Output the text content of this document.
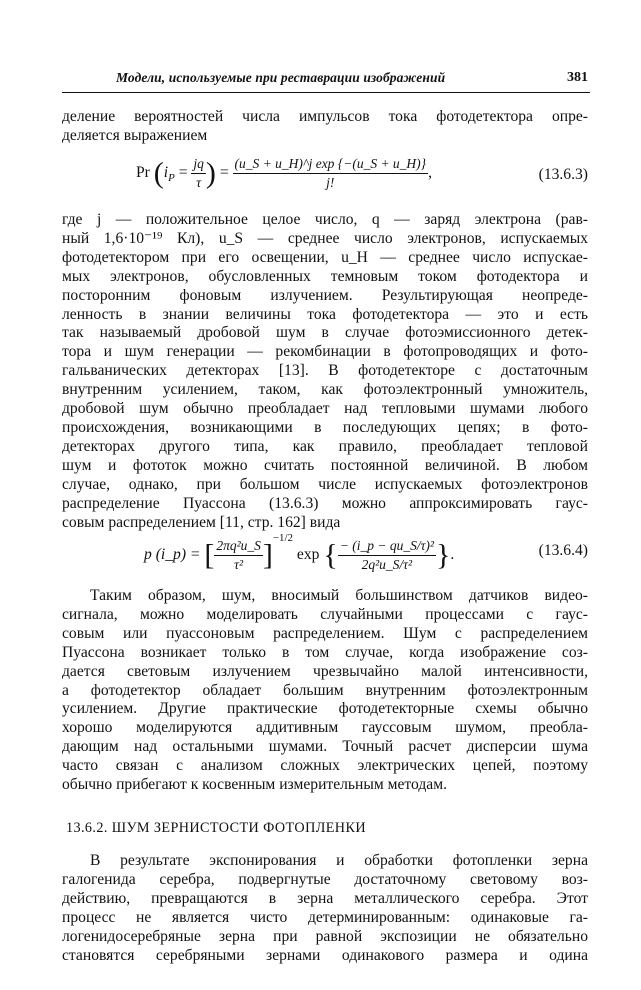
Модели, используемые при реставрации изображений	381

деление вероятностей числа импульсов тока фотодетектора опре-

деляется выражением

Pr ($i_P = \frac{jq}{\tau}$ ) = $\frac{\text{(u\_S + u\_H)\textasciicircum{}j exp \{−(u\_S + u\_H)\}}}{j!}$ ,	(13.6.3)

где j — положительное целое число, q — заряд электрона (рав-

ный 1,6·10⁻¹⁹ Кл), u_S — среднее число электронов, испускаемых

фотодетектором при его освещении, u_H — среднее число испускае-

мых электронов, обусловленных темновым током фотодектора и

посторонним фоновым излучением. Результирующая неопреде-

ленность в знании величины тока фотодетектора — это и есть

так называемый дробовой шум в случае фотоэмиссионного детек-

тора и шум генерации — рекомбинации в фотопроводящих и фото-

гальванических детекторах [13]. В фотодетекторе с достаточным

внутренним усилением, таком, как фотоэлектронный умножитель,

дробовой шум обычно преобладает над тепловыми шумами любого

происхождения, возникающими в последующих цепях; в фото-

детекторах другого типа, как правило, преобладает тепловой

шум и фототок можно считать постоянной величиной. В любом

случае, однако, при большом числе испускаемых фотоэлектронов

распределение Пуассона (13.6.3) можно аппроксимировать гаус-

совым распределением [11, стр. 162] вида

p (i_p) = [ $\frac{\text{2πq²u\_S}}{\text{τ²}} ]^{-1/2}$ exp { $\frac{\text{− (i\_p − qu\_S/τ)²}}{\text{2q²u\_S/τ²}}$ }.	(13.6.4)

Таким образом, шум, вносимый большинством датчиков видео-

сигнала, можно моделировать случайными процессами с гаус-

совым или пуассоновым распределением. Шум с распределением

Пуассона возникает только в том случае, когда изображение соз-

дается световым излучением чрезвычайно малой интенсивности,

а фотодетектор обладает большим внутренним фотоэлектронным

усилением. Другие практические фотодетекторные схемы обычно

хорошо моделируются аддитивным гауссовым шумом, преобла-

дающим над остальными шумами. Точный расчет дисперсии шума

часто связан с анализом сложных электрических цепей, поэтому

обычно прибегают к косвенным измерительным методам.

13.6.2. ШУМ ЗЕРНИСТОСТИ ФОТОПЛЕНКИ

В результате экспонирования и обработки фотопленки зерна

галогенида серебра, подвергнутые достаточному световому воз-

действию, превращаются в зерна металлического серебра. Этот

процесс не является чисто детерминированным: одинаковые га-

логенидосеребряные зерна при равной экспозиции не обязательно

становятся серебряными зернами одинакового размера и одина
